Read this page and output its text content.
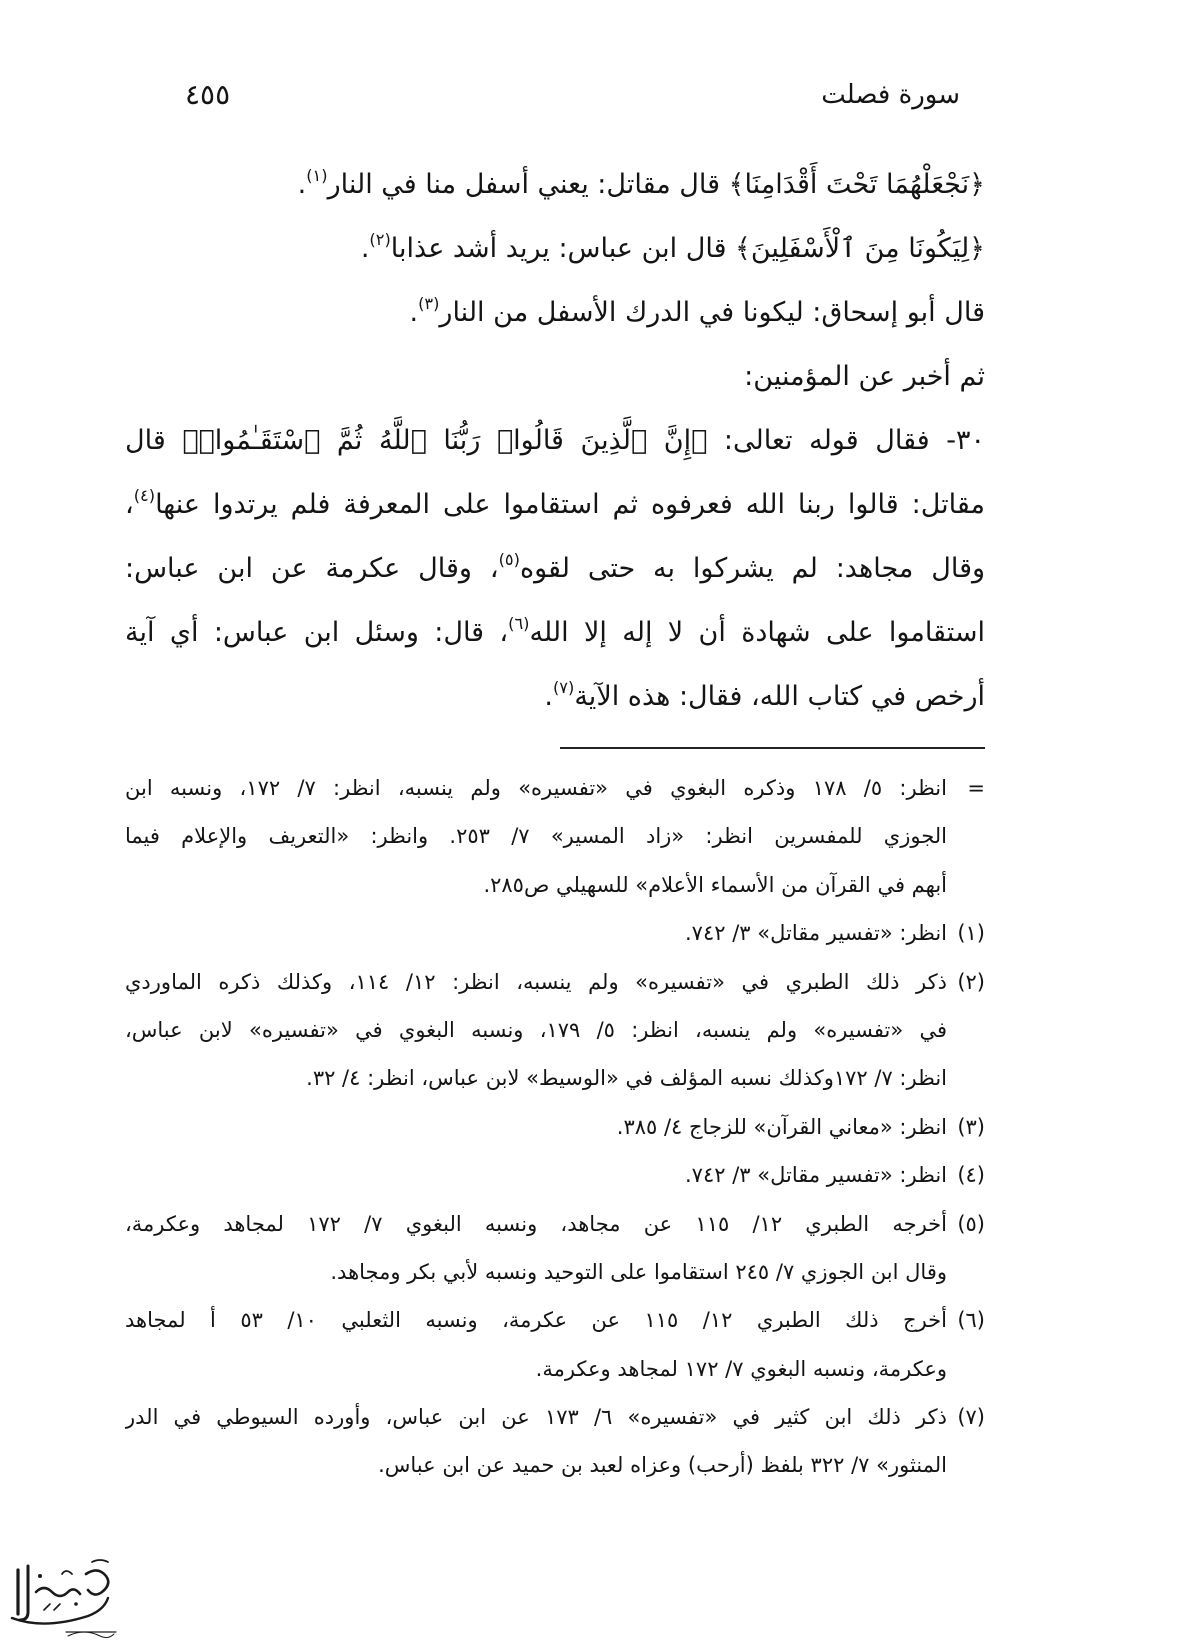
سورة فصلت
٤٥٥
﴿نَجْعَلْهُمَا تَحْتَ أَقْدَامِنَا﴾ قال مقاتل: يعني أسفل منا في النار$^{(١)}$.
﴿لِيَكُونَا مِنَ ٱلْأَسْفَلِينَ﴾ قال ابن عباس: يريد أشد عذابا$^{(٢)}$.
قال أبو إسحاق: ليكونا في الدرك الأسفل من النار$^{(٣)}$.
ثم أخبر عن المؤمنين:
٣٠- فقال قوله تعالى: ﴿إِنَّ ٱلَّذِينَ قَالُوا۟ رَبُّنَا ٱللَّهُ ثُمَّ ٱسْتَقَـٰمُوا۟﴾ قال
مقاتل: قالوا ربنا الله فعرفوه ثم استقاموا على المعرفة فلم يرتدوا عنها$^{(٤)}$،
وقال مجاهد: لم يشركوا به حتى لقوه$^{(٥)}$، وقال عكرمة عن ابن عباس:
استقاموا على شهادة أن لا إله إلا الله$^{(٦)}$، قال: وسئل ابن عباس: أي آية
أرخص في كتاب الله، فقال: هذه الآية$^{(٧)}$.
=
انظر: ٥/ ١٧٨ وذكره البغوي في «تفسيره» ولم ينسبه، انظر: ٧/ ١٧٢، ونسبه ابن
الجوزي للمفسرين انظر: «زاد المسير» ٧/ ٢٥٣. وانظر: «التعريف والإعلام فيما
أبهم في القرآن من الأسماء الأعلام» للسهيلي ص٢٨٥.
(١)
انظر: «تفسير مقاتل» ٣/ ٧٤٢.
(٢)
ذكر ذلك الطبري في «تفسيره» ولم ينسبه، انظر: ١٢/ ١١٤، وكذلك ذكره الماوردي
في «تفسيره» ولم ينسبه، انظر: ٥/ ١٧٩، ونسبه البغوي في «تفسيره» لابن عباس،
انظر: ٧/ ١٧٢وكذلك نسبه المؤلف في «الوسيط» لابن عباس، انظر: ٤/ ٣٢.
(٣)
انظر: «معاني القرآن» للزجاج ٤/ ٣٨٥.
(٤)
انظر: «تفسير مقاتل» ٣/ ٧٤٢.
(٥)
أخرجه الطبري ١٢/ ١١٥ عن مجاهد، ونسبه البغوي ٧/ ١٧٢ لمجاهد وعكرمة،
وقال ابن الجوزي ٧/ ٢٤٥ استقاموا على التوحيد ونسبه لأبي بكر ومجاهد.
(٦)
أخرج ذلك الطبري ١٢/ ١١٥ عن عكرمة، ونسبه الثعلبي ١٠/ ٥٣ أ لمجاهد
وعكرمة، ونسبه البغوي ٧/ ١٧٢ لمجاهد وعكرمة.
(٧)
ذكر ذلك ابن كثير في «تفسيره» ٦/ ١٧٣ عن ابن عباس، وأورده السيوطي في الدر
المنثور» ٧/ ٣٢٢ بلفظ (أرحب) وعزاه لعبد بن حميد عن ابن عباس.
